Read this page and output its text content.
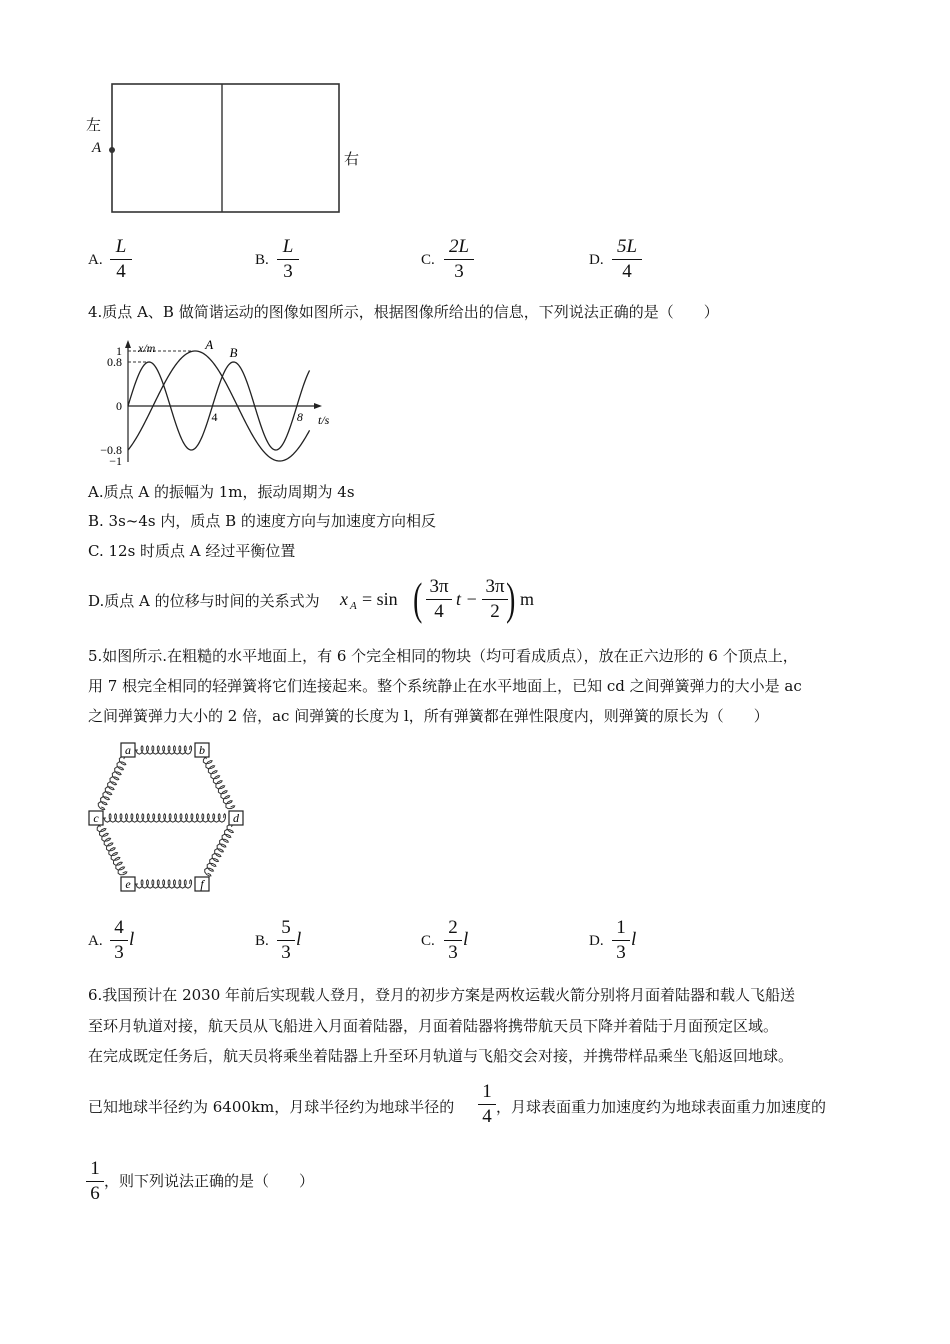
左
A
右
A.
L
4
B.
L
3
C.
2L
3
D.
5L
4
4.质点 A、B 做简谐运动的图像如图所示，根据图像所给出的信息，下列说法正确的是（　　）
1
0.8
0
−0.8
−1
4	8
x/m
t/s
A
B
A.质点 A 的振幅为 1m，振动周期为 4s
B. 3s~4s 内，质点 B 的速度方向与加速度方向相反
C. 12s 时质点 A 经过平衡位置
D.质点 A 的位移与时间的关系式为 x A = sin ( 3π
4
t −
3π
2 ) m
5.如图所示.在粗糙的水平地面上，有 6 个完全相同的物块（均可看成质点），放在正六边形的 6 个顶点上，
用 7 根完全相同的轻弹簧将它们连接起来。整个系统静止在水平地面上，已知 cd 之间弹簧弹力的大小是 ac
之间弹簧弹力大小的 2 倍，ac 间弹簧的长度为 l，所有弹簧都在弹性限度内，则弹簧的原长为（　　）
a	b
c	d
e	f
A.
4
3
l	B.
5
3
l	C.
2
3
l	D.
1
3
l
6.我国预计在 2030 年前后实现载人登月，登月的初步方案是两枚运载火箭分别将月面着陆器和载人飞船送
至环月轨道对接，航天员从飞船进入月面着陆器，月面着陆器将携带航天员下降并着陆于月面预定区域。
在完成既定任务后，航天员将乘坐着陆器上升至环月轨道与飞船交会对接，并携带样品乘坐飞船返回地球。
已知地球半径约为 6400km，月球半径约为地球半径的
1
4 ，月球表面重力加速度约为地球表面重力加速度的
1
6
，则下列说法正确的是（　　）
